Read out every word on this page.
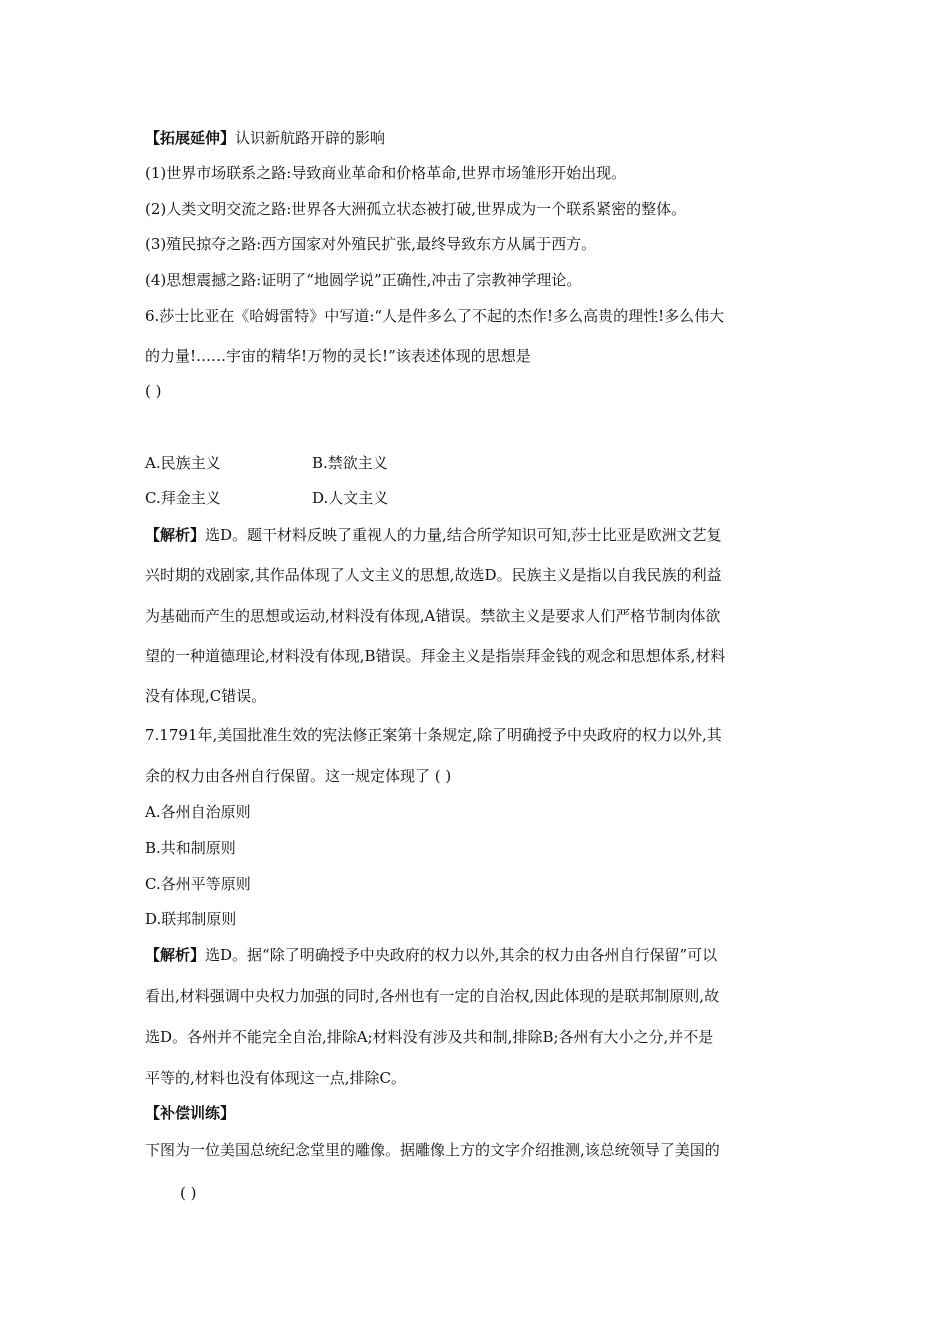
【拓展延伸】认识新航路开辟的影响
(1)世界市场联系之路:导致商业革命和价格革命,世界市场雏形开始出现。
(2)人类文明交流之路:世界各大洲孤立状态被打破,世界成为一个联系紧密的整体。
(3)殖民掠夺之路:西方国家对外殖民扩张,最终导致东方从属于西方。
(4)思想震撼之路:证明了“地圆学说”正确性,冲击了宗教神学理论。
6.莎士比亚在《哈姆雷特》中写道:“人是件多么了不起的杰作!多么高贵的理性!多么伟大
的力量!……宇宙的精华!万物的灵长!”该表述体现的思想是
( )
A.民族主义	B.禁欲主义
C.拜金主义	D.人文主义
【解析】选D。题干材料反映了重视人的力量,结合所学知识可知,莎士比亚是欧洲文艺复
兴时期的戏剧家,其作品体现了人文主义的思想,故选D。民族主义是指以自我民族的利益
为基础而产生的思想或运动,材料没有体现,A错误。禁欲主义是要求人们严格节制肉体欲
望的一种道德理论,材料没有体现,B错误。拜金主义是指崇拜金钱的观念和思想体系,材料
没有体现,C错误。
7.1791年,美国批准生效的宪法修正案第十条规定,除了明确授予中央政府的权力以外,其
余的权力由各州自行保留。这一规定体现了 ( )
A.各州自治原则
B.共和制原则
C.各州平等原则
D.联邦制原则
【解析】选D。据“除了明确授予中央政府的权力以外,其余的权力由各州自行保留”可以
看出,材料强调中央权力加强的同时,各州也有一定的自治权,因此体现的是联邦制原则,故
选D。各州并不能完全自治,排除A;材料没有涉及共和制,排除B;各州有大小之分,并不是
平等的,材料也没有体现这一点,排除C。
【补偿训练】
下图为一位美国总统纪念堂里的雕像。据雕像上方的文字介绍推测,该总统领导了美国的
( )
